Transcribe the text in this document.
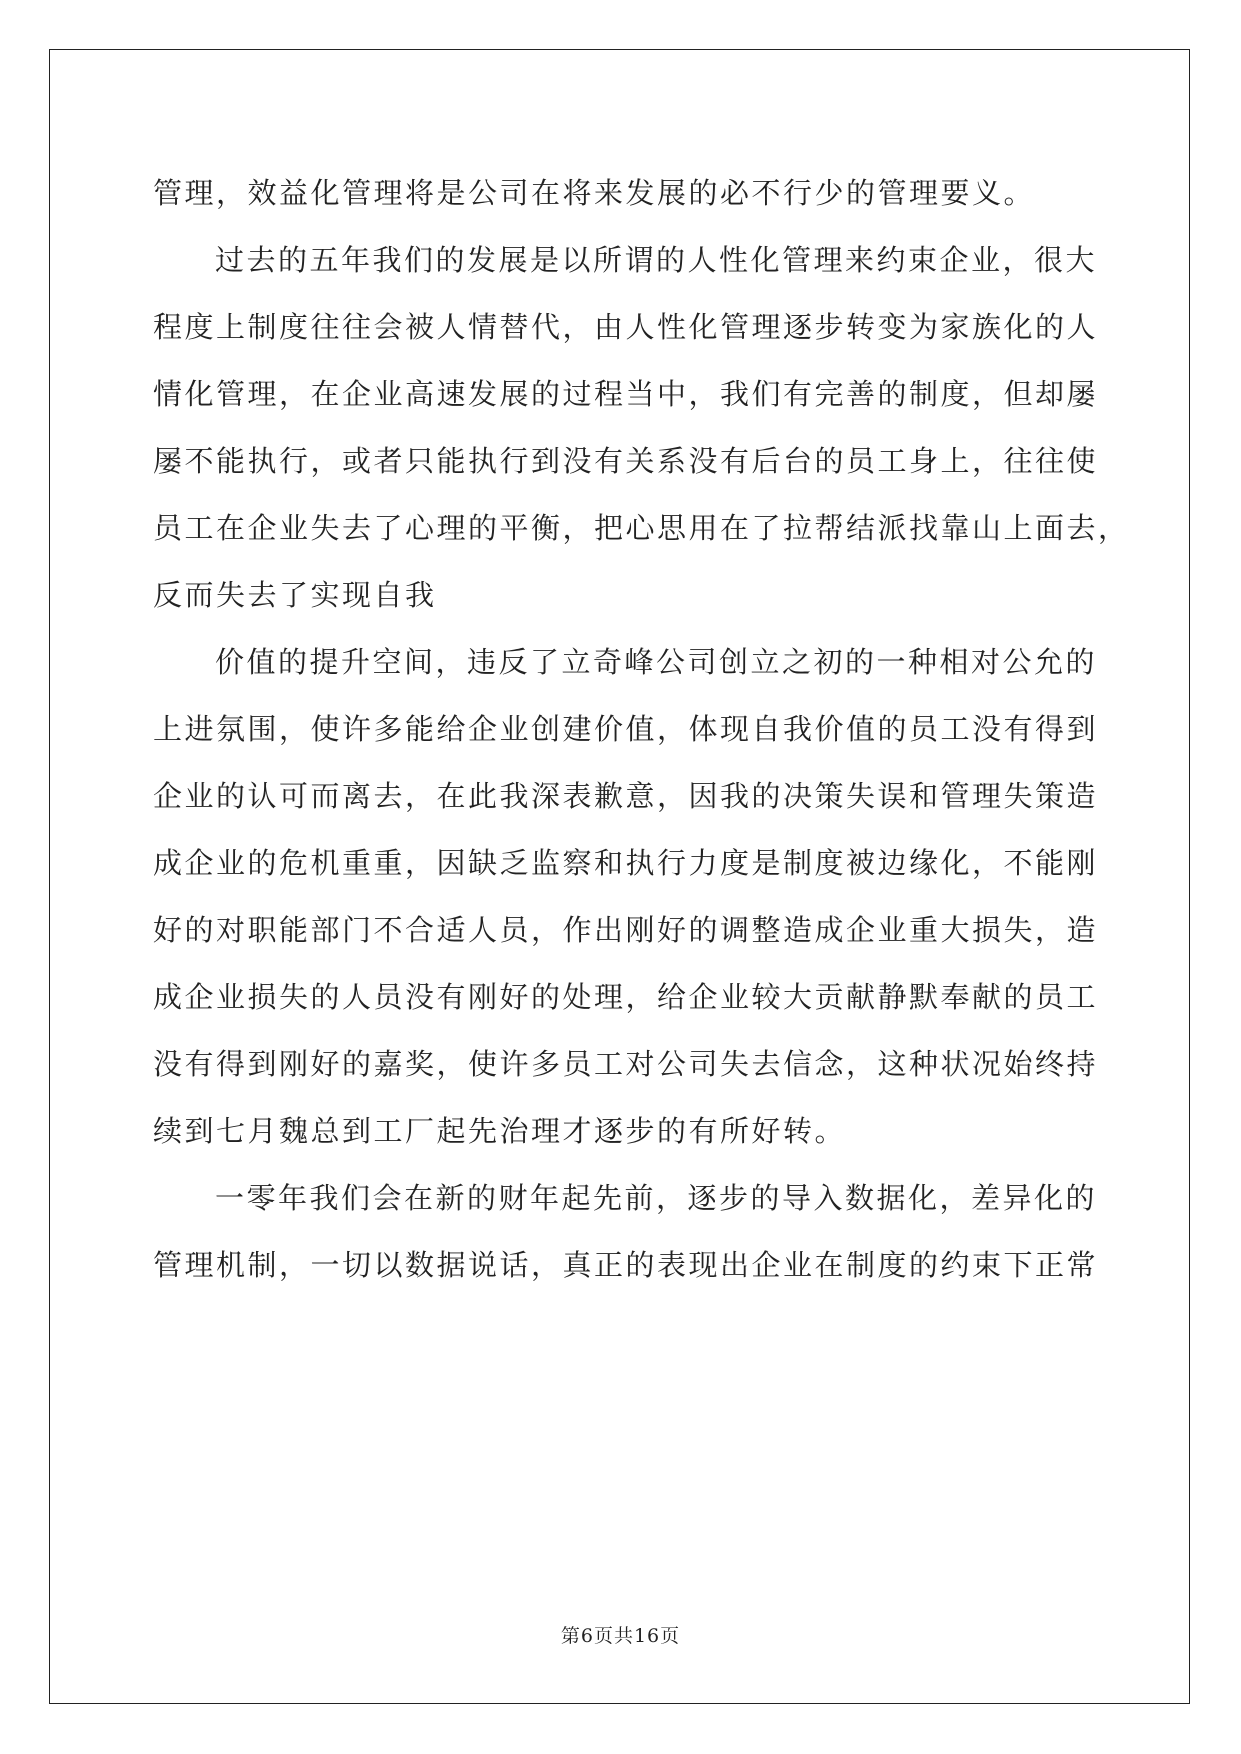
管理，效益化管理将是公司在将来发展的必不行少的管理要义。
过去的五年我们的发展是以所谓的人性化管理来约束企业，很大
程度上制度往往会被人情替代，由人性化管理逐步转变为家族化的人
情化管理，在企业高速发展的过程当中，我们有完善的制度，但却屡
屡不能执行，或者只能执行到没有关系没有后台的员工身上，往往使
员工在企业失去了心理的平衡，把心思用在了拉帮结派找靠山上面去，
反而失去了实现自我
价值的提升空间，违反了立奇峰公司创立之初的一种相对公允的
上进氛围，使许多能给企业创建价值，体现自我价值的员工没有得到
企业的认可而离去，在此我深表歉意，因我的决策失误和管理失策造
成企业的危机重重，因缺乏监察和执行力度是制度被边缘化，不能刚
好的对职能部门不合适人员，作出刚好的调整造成企业重大损失，造
成企业损失的人员没有刚好的处理，给企业较大贡献静默奉献的员工
没有得到刚好的嘉奖，使许多员工对公司失去信念，这种状况始终持
续到七月魏总到工厂起先治理才逐步的有所好转。
一零年我们会在新的财年起先前，逐步的导入数据化，差异化的
管理机制，一切以数据说话，真正的表现出企业在制度的约束下正常
第6页共16页
